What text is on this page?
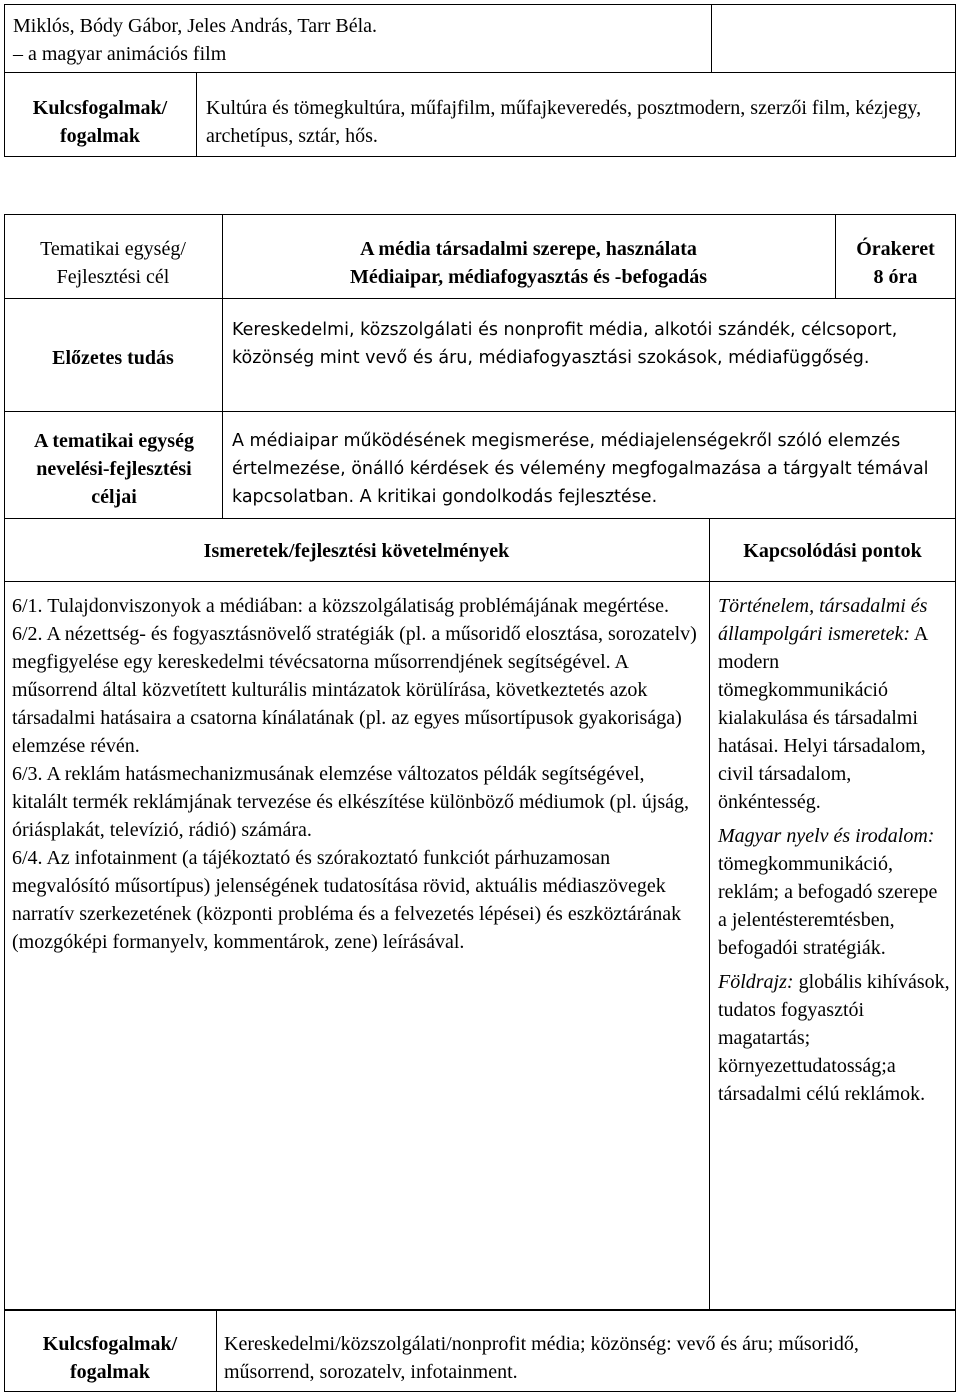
Miklós, Bódy Gábor, Jeles András, Tarr Béla.
– a magyar animációs film
Kulcsfogalmak/
fogalmak
Kultúra és tömegkultúra, műfajfilm, műfajkeveredés, posztmodern, szerzői film, kézjegy, archetípus, sztár, hős.
Tematikai egység/
Fejlesztési cél
A média társadalmi szerepe, használata
Médiaipar, médiafogyasztás és -befogadás
Órakeret
8 óra
Előzetes tudás
Kereskedelmi, közszolgálati és nonprofit média, alkotói szándék, célcsoport, közönség mint vevő és áru, médiafogyasztási szokások, médiafüggőség.
A tematikai egység nevelési-fejlesztési céljai
A médiaipar működésének megismerése, médiajelenségekről szóló elemzés értelmezése, önálló kérdések és vélemény megfogalmazása a tárgyalt témával kapcsolatban. A kritikai gondolkodás fejlesztése.
Ismeretek/fejlesztési követelmények	Kapcsolódási pontok
6/1. Tulajdonviszonyok a médiában: a közszolgálatiság problémájának megértése.
6/2. A nézettség- és fogyasztásnövelő stratégiák (pl. a műsoridő elosztása, sorozatelv) megfigyelése egy kereskedelmi tévécsatorna műsorrendjének segítségével. A műsorrend által közvetített kulturális mintázatok körülírása, következtetés azok társadalmi hatásaira a csatorna kínálatának (pl. az egyes műsortípusok gyakorisága) elemzése révén.
6/3. A reklám hatásmechanizmusának elemzése változatos példák segítségével, kitalált termék reklámjának tervezése és elkészítése különböző médiumok (pl. újság, óriásplakát, televízió, rádió) számára.
6/4. Az infotainment (a tájékoztató és szórakoztató funkciót párhuzamosan megvalósító műsortípus) jelenségének tudatosítása rövid, aktuális médiaszövegek narratív szerkezetének (központi probléma és a felvezetés lépései) és eszköztárának (mozgóképi formanyelv, kommentárok, zene) leírásával.
Történelem, társadalmi és állampolgári ismeretek: A modern tömegkommunikáció kialakulása és társadalmi hatásai. Helyi társadalom, civil társadalom, önkéntesség.
Magyar nyelv és irodalom: tömegkommunikáció, reklám; a befogadó szerepe a jelentésteremtésben, befogadói stratégiák.
Földrajz: globális kihívások, tudatos fogyasztói magatartás; környezettudatosság;a társadalmi célú reklámok.
Kulcsfogalmak/
fogalmak
Kereskedelmi/közszolgálati/nonprofit média; közönség: vevő és áru; műsoridő, műsorrend, sorozatelv, infotainment.
